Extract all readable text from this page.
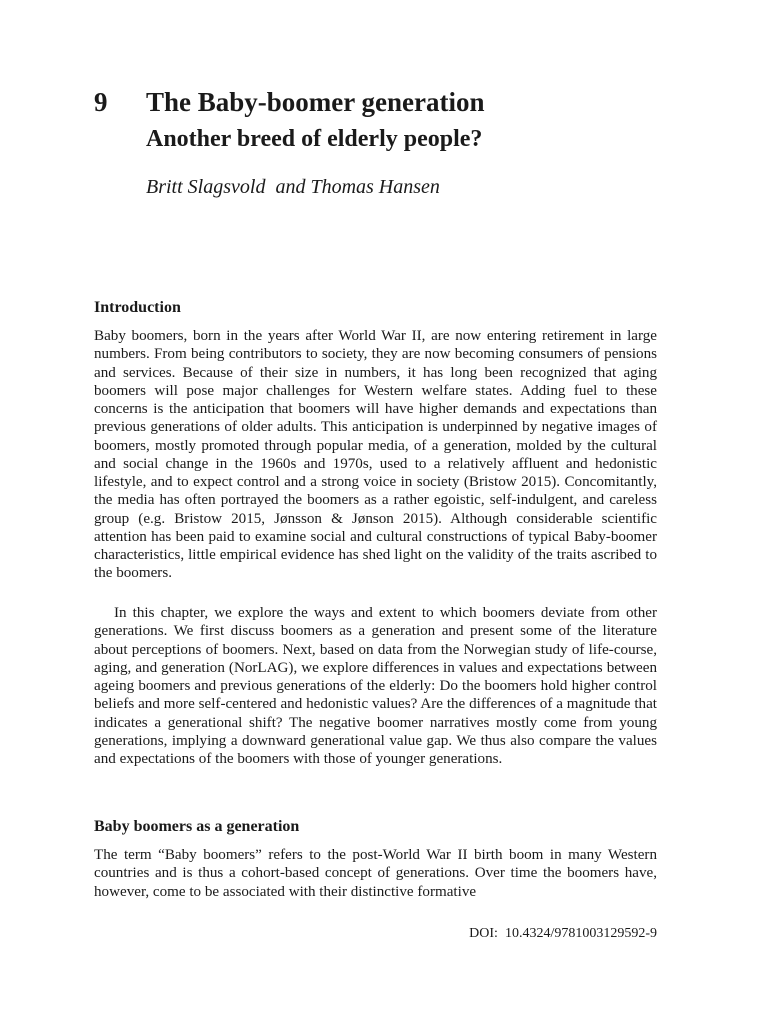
9 The Baby-boomer generation
Another breed of elderly people?

Britt Slagsvold  and Thomas Hansen

Introduction

Baby boomers, born in the years after World War II, are now entering retirement in large numbers. From being contributors to society, they are now becoming consumers of pensions and services. Because of their size in numbers, it has long been recognized that aging boomers will pose major challenges for Western welfare states. Adding fuel to these concerns is the anticipation that boomers will have higher demands and expectations than previous generations of older adults. This anticipation is underpinned by negative images of boomers, mostly promoted through popular media, of a generation, molded by the cultural and social change in the 1960s and 1970s, used to a relatively affluent and hedonistic lifestyle, and to expect control and a strong voice in society (Bristow 2015). Concomitantly, the media has often portrayed the boomers as a rather egoistic, self-indulgent, and careless group (e.g. Bristow 2015, Jønsson & Jønson 2015). Although considerable scientific attention has been paid to examine social and cultural constructions of typical Baby-boomer characteristics, little empirical evidence has shed light on the validity of the traits ascribed to the boomers.

In this chapter, we explore the ways and extent to which boomers deviate from other generations. We first discuss boomers as a generation and present some of the literature about perceptions of boomers. Next, based on data from the Norwegian study of life-course, aging, and generation (NorLAG), we explore differences in values and expectations between ageing boomers and previous generations of the elderly: Do the boomers hold higher control beliefs and more self-centered and hedonistic values? Are the differences of a magnitude that indicates a generational shift? The negative boomer narratives mostly come from young generations, implying a downward generational value gap. We thus also compare the values and expectations of the boomers with those of younger generations.

Baby boomers as a generation

The term “Baby boomers” refers to the post-World War II birth boom in many Western countries and is thus a cohort-based concept of generations. Over time the boomers have, however, come to be associated with their distinctive formative

DOI:  10.4324/9781003129592-9
